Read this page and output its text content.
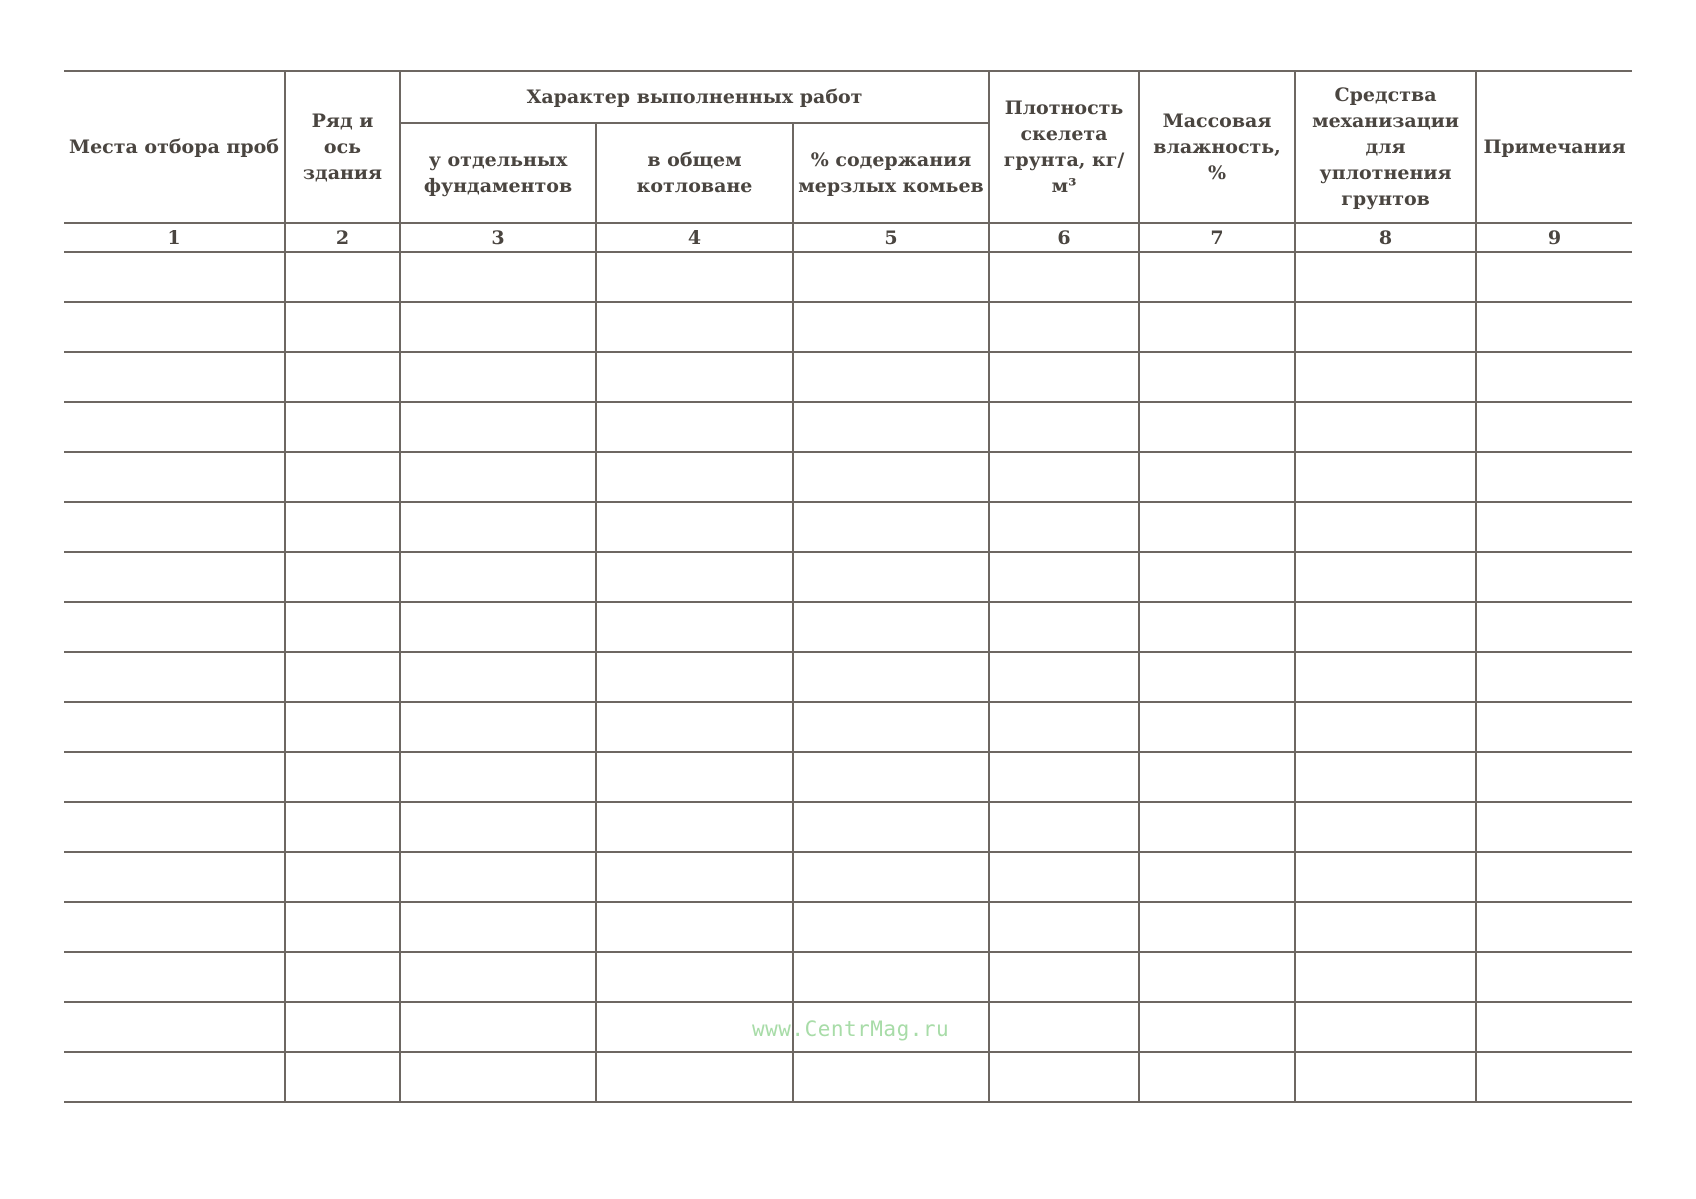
Места отбора проб	Ряд и ось здания	Характер выполненных работ			Плотность скелета грунта, кг/м³	Массовая влажность, %	Средства механизации для уплотнения грунтов	Примечания
		у отдельных фундаментов	в общем котловане	% содержания мерзлых комьев				
1	2	3	4	5	6	7	8	9

www.CentrMag.ru
